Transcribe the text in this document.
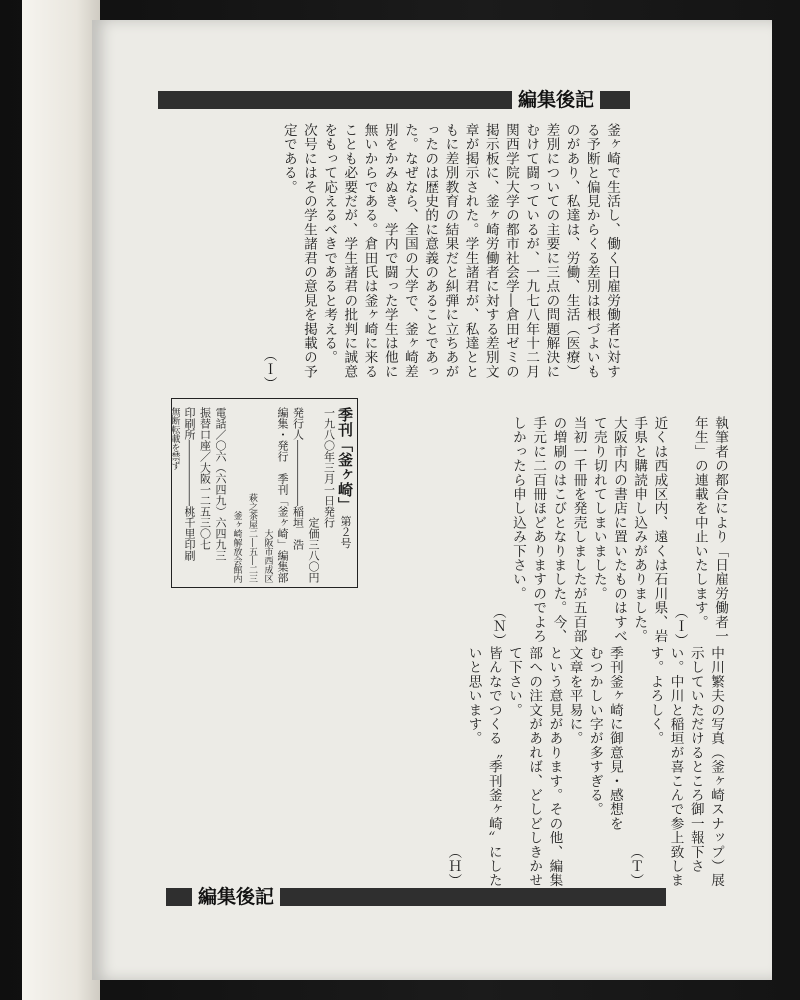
編集後記

釜ヶ崎で生活し、働く日雇労働者に対する予断と偏見からくる差別は根づよいものがあり、私達は、労働、生活（医療）差別についての主要に三点の問題解決にむけて闘っているが、一九七八年十二月関西学院大学の都市社会学―倉田ゼミの掲示板に、釜ヶ崎労働者に対する差別文章が掲示された。学生諸君が、私達とともに差別教育の結果だと糾弾に立ちあがったのは歴史的に意義のあることであった。なぜなら、全国の大学で、釜ヶ崎差別をかみぬき、学内で闘った学生は他に無いからである。倉田氏は釜ヶ崎に来ることも必要だが、学生諸君の批判に誠意をもって応えるべきであると考える。

次号にはその学生諸君の意見を掲載の予定である。

（Ｉ）

執筆者の都合により「日雇労働者一年生」の連載を中止いたします。

（Ｉ）

近くは西成区内、遠くは石川県、岩手県と購読申し込みがありました。大阪市内の書店に置いたものはすべて売り切れてしまいました。

当初一千冊を発売しましたが五百部の増刷のはこびとなりました。今、手元に二百冊ほどありますのでよろしかったら申し込み下さい。

（Ｎ）

中川繁夫の写真（釜ヶ崎スナップ）展示していただけるところ御一報下さい。中川と稲垣が喜こんで参上致します。よろしく。

（Ｔ）

季刊釜ヶ崎に御意見・感想を

むつかしい字が多すぎる。

文章を平易に。

という意見があります。その他、編集部への注文があれば、どしどしきかせて下さい。

皆んなでつくる〝季刊釜ヶ崎〟にしたいと思います。

（Ｈ）

季刊「釜ヶ崎」　第２号
一九八〇年三月一日発行
定価三八〇円
発行人――――――稲垣　浩
編集・発行　季刊「釜ヶ崎」編集部
大阪市西成区
萩之茶屋二―五―二三
釜ヶ崎解放会館内
電話／〇六（六四九）六四九三
振替口座／大阪一二五三〇七
印刷所――――――桃千里印刷
無断転載を禁ず
編集後記
